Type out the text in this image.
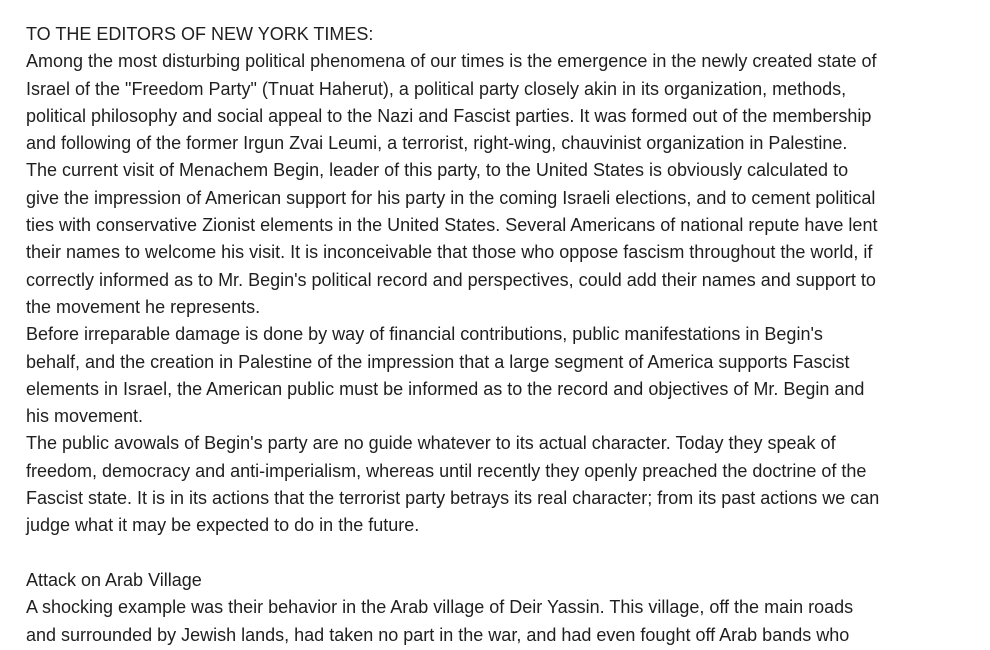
TO THE EDITORS OF NEW YORK TIMES:
Among the most disturbing political phenomena of our times is the emergence in the newly created state of
Israel of the "Freedom Party" (Tnuat Haherut), a political party closely akin in its organization, methods,
political philosophy and social appeal to the Nazi and Fascist parties. It was formed out of the membership
and following of the former Irgun Zvai Leumi, a terrorist, right-wing, chauvinist organization in Palestine.
The current visit of Menachem Begin, leader of this party, to the United States is obviously calculated to
give the impression of American support for his party in the coming Israeli elections, and to cement political
ties with conservative Zionist elements in the United States. Several Americans of national repute have lent
their names to welcome his visit. It is inconceivable that those who oppose fascism throughout the world, if
correctly informed as to Mr. Begin's political record and perspectives, could add their names and support to
the movement he represents.
Before irreparable damage is done by way of financial contributions, public manifestations in Begin's
behalf, and the creation in Palestine of the impression that a large segment of America supports Fascist
elements in Israel, the American public must be informed as to the record and objectives of Mr. Begin and
his movement.
The public avowals of Begin's party are no guide whatever to its actual character. Today they speak of
freedom, democracy and anti-imperialism, whereas until recently they openly preached the doctrine of the
Fascist state. It is in its actions that the terrorist party betrays its real character; from its past actions we can
judge what it may be expected to do in the future.
Attack on Arab Village
A shocking example was their behavior in the Arab village of Deir Yassin. This village, off the main roads
and surrounded by Jewish lands, had taken no part in the war, and had even fought off Arab bands who
